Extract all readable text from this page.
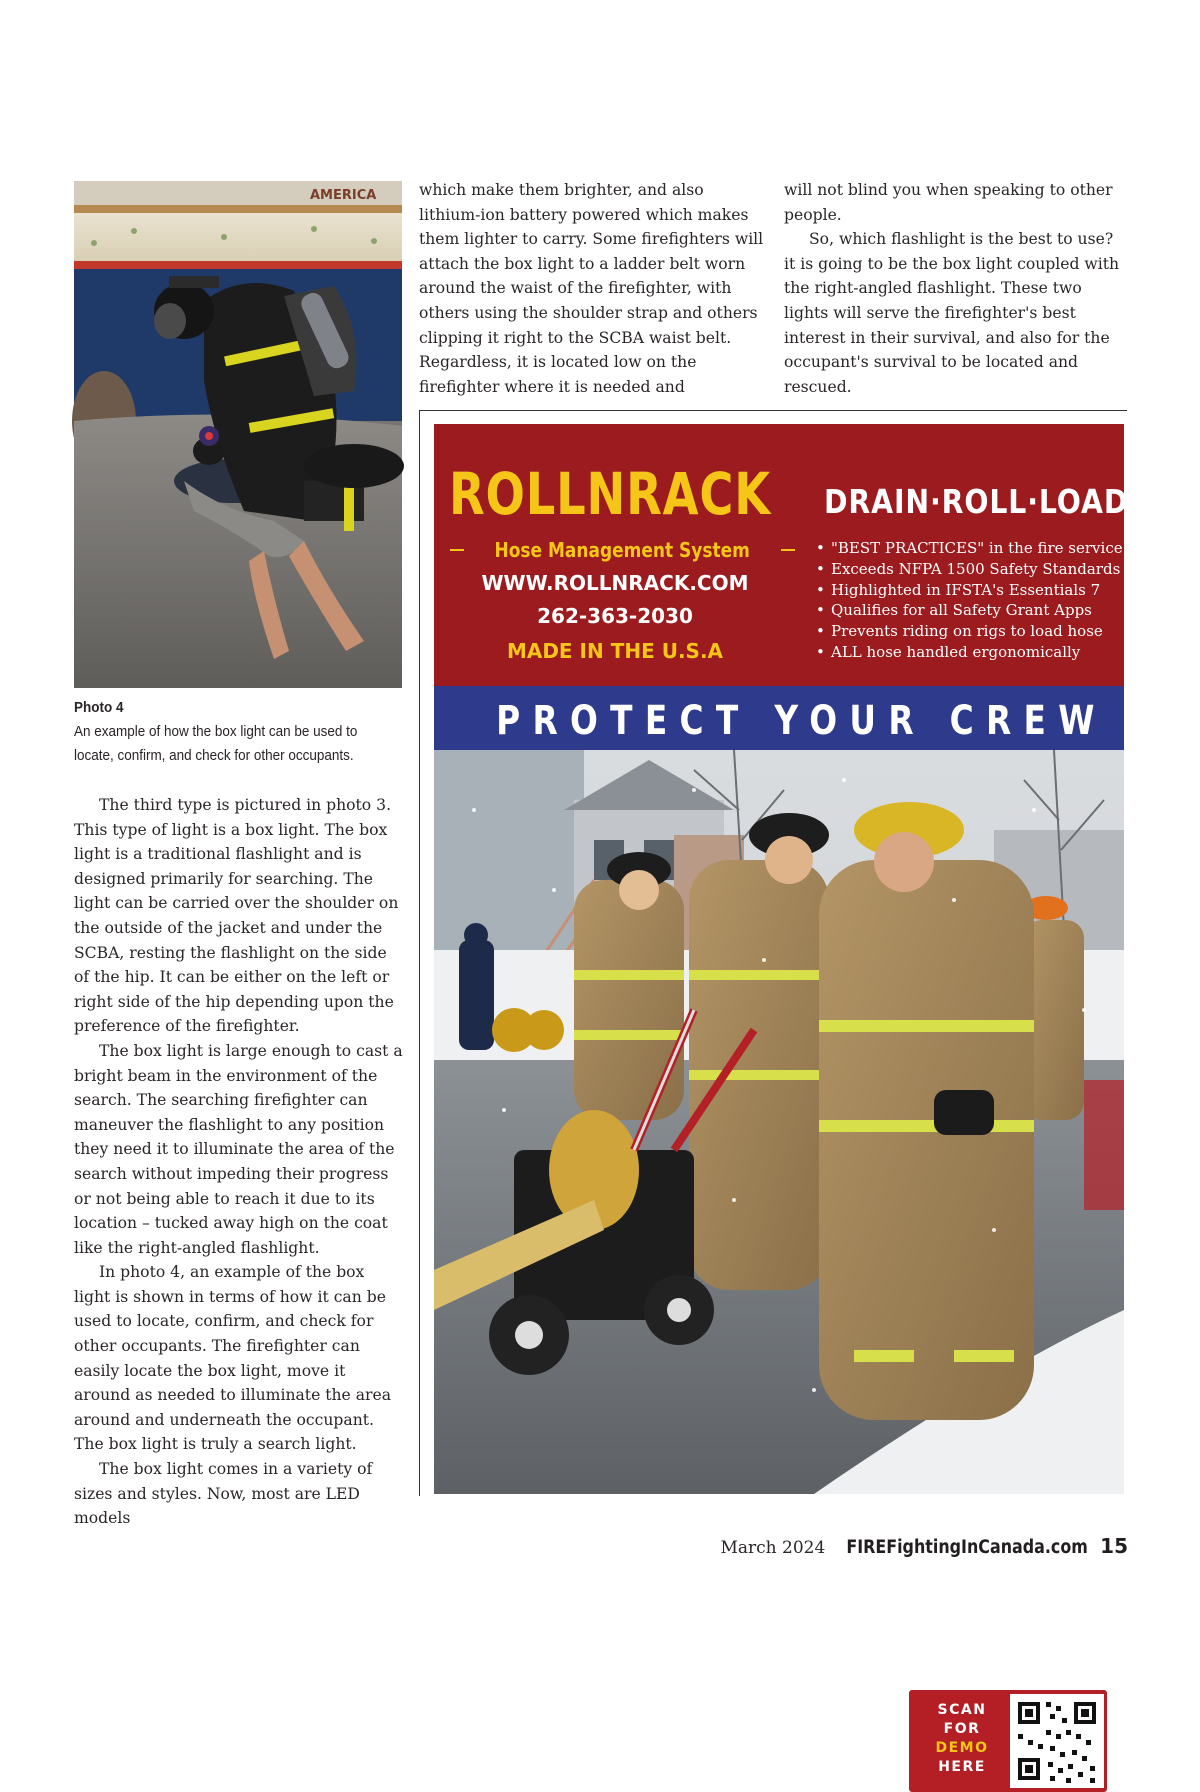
AMERICA
Photo 4
An example of how the box light can be used to locate, confirm, and check for other occupants.

The third type is pictured in photo 3. This type of light is a box light. The box light is a traditional flashlight and is designed primarily for searching. The light can be carried over the shoulder on the outside of the jacket and under the SCBA, resting the flashlight on the side of the hip. It can be either on the left or right side of the hip depending upon the preference of the firefighter.

The box light is large enough to cast a bright beam in the environment of the search. The searching firefighter can maneuver the flashlight to any position they need it to illuminate the area of the search without impeding their progress or not being able to reach it due to its location – tucked away high on the coat like the right-angled flashlight.

In photo 4, an example of the box light is shown in terms of how it can be used to locate, confirm, and check for other occupants. The firefighter can easily locate the box light, move it around as needed to illuminate the area around and underneath the occupant. The box light is truly a search light.

The box light comes in a variety of sizes and styles. Now, most are LED models

which make them brighter, and also lithium-ion battery powered which makes them lighter to carry. Some firefighters will attach the box light to a ladder belt worn around the waist of the firefighter, with others using the shoulder strap and others clipping it right to the SCBA waist belt. Regardless, it is located low on the firefighter where it is needed and

will not blind you when speaking to other people.

So, which flashlight is the best to use? it is going to be the box light coupled with the right-angled flashlight. These two lights will serve the firefighter's best interest in their survival, and also for the occupant's survival to be located and rescued.

ROLLNRACK
Hose Management System
WWW.ROLLNRACK.COM
262-363-2030
MADE IN THE U.S.A
DRAIN·ROLL·LOAD
• "BEST PRACTICES" in the fire service
• Exceeds NFPA 1500 Safety Standards
• Highlighted in IFSTA's Essentials 7
• Qualifies for all Safety Grant Apps
• Prevents riding on rigs to load hose
• ALL hose handled ergonomically
PROTECT YOUR CREW
SCAN
FOR
DEMO
HERE
March 2024 FIREFightingInCanada.com 15
